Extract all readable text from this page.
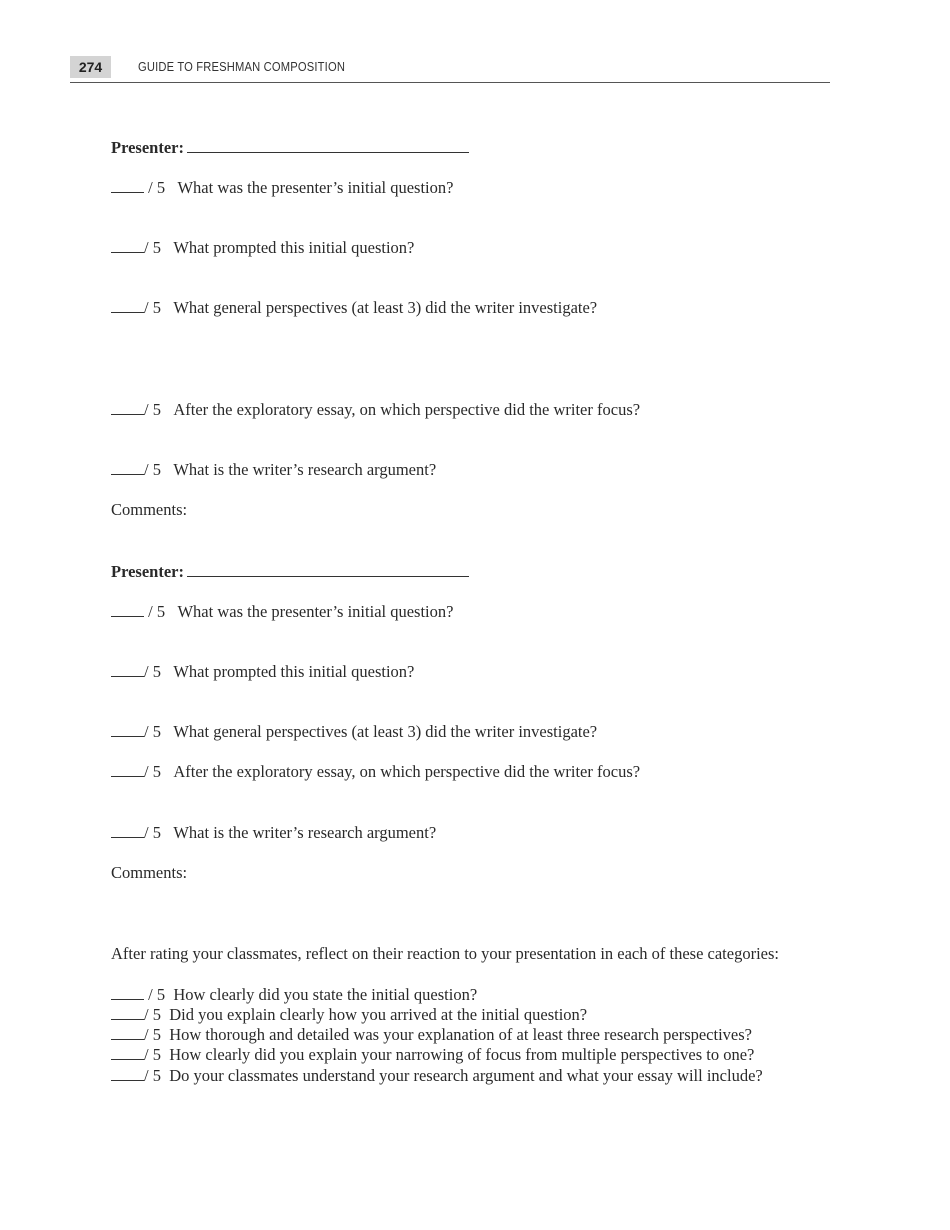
274	GUIDE TO FRESHMAN COMPOSITION
Presenter:
/ 5 What was the presenter’s initial question?
/ 5 What prompted this initial question?
/ 5 What general perspectives (at least 3) did the writer investigate?
/ 5 After the exploratory essay, on which perspective did the writer focus?
/ 5 What is the writer’s research argument?
Comments:
Presenter:
/ 5 What was the presenter’s initial question?
/ 5 What prompted this initial question?
/ 5 What general perspectives (at least 3) did the writer investigate?
/ 5 After the exploratory essay, on which perspective did the writer focus?
/ 5 What is the writer’s research argument?
Comments:
After rating your classmates, reflect on their reaction to your presentation in each of these categories:
/ 5 How clearly did you state the initial question?
/ 5 Did you explain clearly how you arrived at the initial question?
/ 5 How thorough and detailed was your explanation of at least three research perspectives?
/ 5 How clearly did you explain your narrowing of focus from multiple perspectives to one?
/ 5 Do your classmates understand your research argument and what your essay will include?
